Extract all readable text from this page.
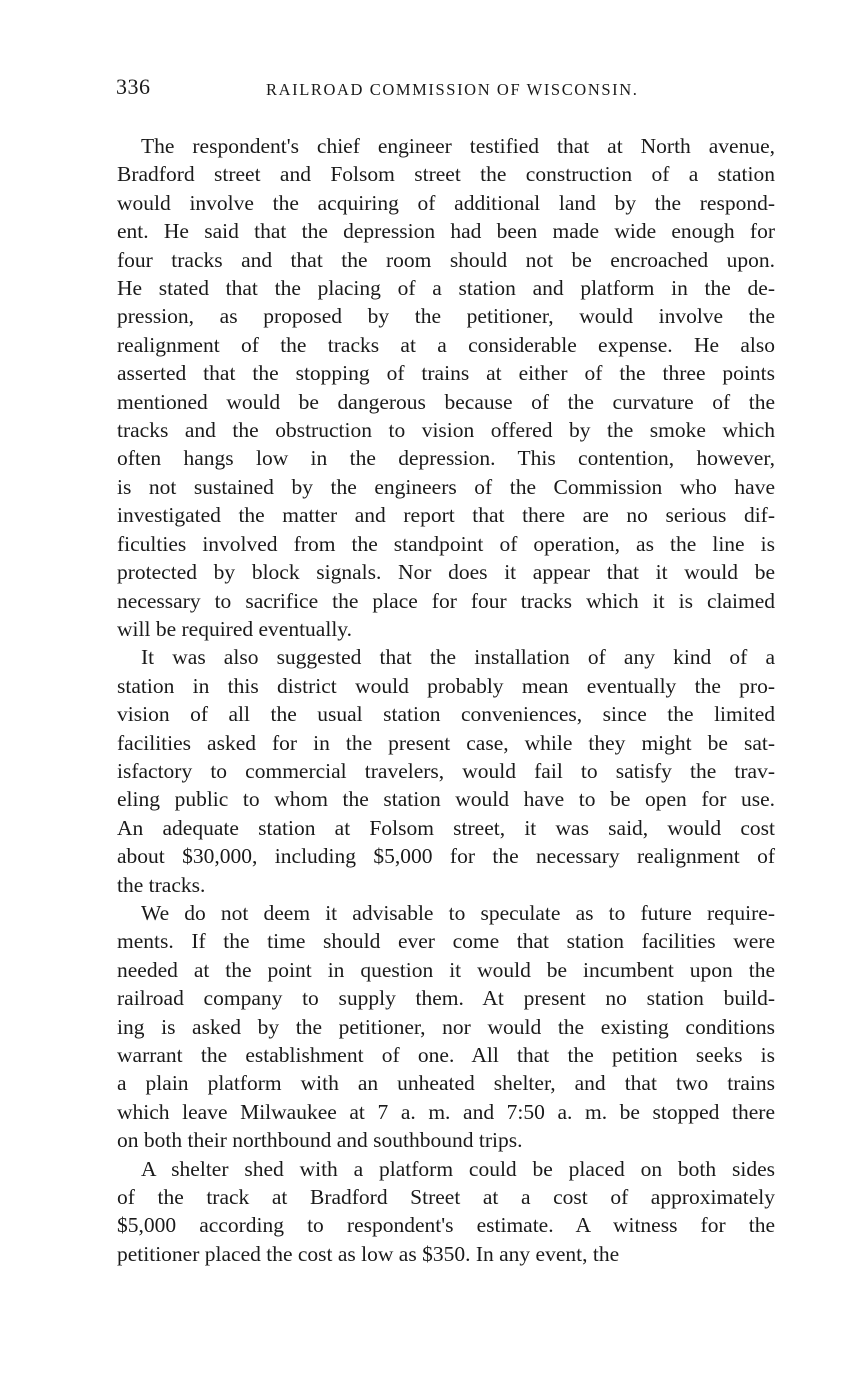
336	RAILROAD COMMISSION OF WISCONSIN.
The respondent's chief engineer testified that at North avenue,
Bradford street and Folsom street the construction of a station
would involve the acquiring of additional land by the respond-
ent. He said that the depression had been made wide enough for
four tracks and that the room should not be encroached upon.
He stated that the placing of a station and platform in the de-
pression, as proposed by the petitioner, would involve the
realignment of the tracks at a considerable expense. He also
asserted that the stopping of trains at either of the three points
mentioned would be dangerous because of the curvature of the
tracks and the obstruction to vision offered by the smoke which
often hangs low in the depression. This contention, however,
is not sustained by the engineers of the Commission who have
investigated the matter and report that there are no serious dif-
ficulties involved from the standpoint of operation, as the line is
protected by block signals. Nor does it appear that it would be
necessary to sacrifice the place for four tracks which it is claimed
will be required eventually.
It was also suggested that the installation of any kind of a
station in this district would probably mean eventually the pro-
vision of all the usual station conveniences, since the limited
facilities asked for in the present case, while they might be sat-
isfactory to commercial travelers, would fail to satisfy the trav-
eling public to whom the station would have to be open for use.
An adequate station at Folsom street, it was said, would cost
about $30,000, including $5,000 for the necessary realignment of
the tracks.
We do not deem it advisable to speculate as to future require-
ments. If the time should ever come that station facilities were
needed at the point in question it would be incumbent upon the
railroad company to supply them. At present no station build-
ing is asked by the petitioner, nor would the existing conditions
warrant the establishment of one. All that the petition seeks is
a plain platform with an unheated shelter, and that two trains
which leave Milwaukee at 7 a. m. and 7:50 a. m. be stopped there
on both their northbound and southbound trips.
A shelter shed with a platform could be placed on both sides
of the track at Bradford Street at a cost of approximately
$5,000 according to respondent's estimate. A witness for the
petitioner placed the cost as low as $350. In any event, the
